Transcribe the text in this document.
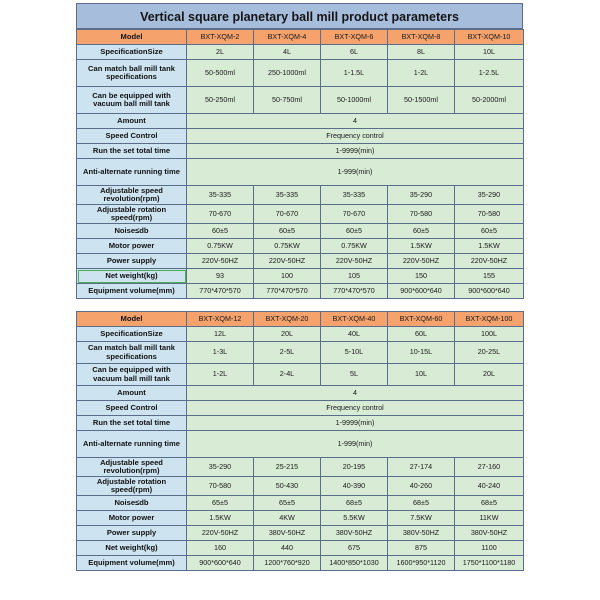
Vertical square planetary ball mill product parameters
Model	BXT-XQM-2	BXT-XQM-4	BXT-XQM-6	BXT-XQM-8	BXT-XQM-10
SpecificationSize	2L	4L	6L	8L	10L
Can match ball mill tank specifications	50-500ml	250-1000ml	1-1.5L	1-2L	1-2.5L
Can be equipped with vacuum ball mill tank	50-250ml	50-750ml	50-1000ml	50-1500ml	50-2000ml
Amount	4				
Speed Control	Frequency control				
Run the set total time	1-9999(min)				
Anti-alternate running time	1-999(min)				
Adjustable speed revolution(rpm)	35-335	35-335	35-335	35-290	35-290
Adjustable rotation speed(rpm)	70-670	70-670	70-670	70-580	70-580
Noise≤db	60±5	60±5	60±5	60±5	60±5
Motor power	0.75KW	0.75KW	0.75KW	1.5KW	1.5KW
Power supply	220V-50HZ	220V-50HZ	220V-50HZ	220V-50HZ	220V-50HZ
Net weight(kg)	93	100	105	150	155
Equipment volume(mm)	770*470*570	770*470*570	770*470*570	900*600*640	900*600*640
Model	BXT-XQM-12	BXT-XQM-20	BXT-XQM-40	BXT-XQM-60	BXT-XQM-100
SpecificationSize	12L	20L	40L	60L	100L
Can match ball mill tank specifications	1-3L	2-5L	5-10L	10-15L	20-25L
Can be equipped with vacuum ball mill tank	1-2L	2-4L	5L	10L	20L
Amount	4				
Speed Control	Frequency control				
Run the set total time	1-9999(min)				
Anti-alternate running time	1-999(min)				
Adjustable speed revolution(rpm)	35-290	25-215	20-195	27-174	27-160
Adjustable rotation speed(rpm)	70-580	50-430	40-390	40-260	40-240
Noise≤db	65±5	65±5	68±5	68±5	68±5
Motor power	1.5KW	4KW	5.5KW	7.5KW	11KW
Power supply	220V-50HZ	380V-50HZ	380V-50HZ	380V-50HZ	380V-50HZ
Net weight(kg)	160	440	675	875	1100
Equipment volume(mm)	900*600*640	1200*760*920	1400*850*1030	1600*950*1120	1750*1100*1180
